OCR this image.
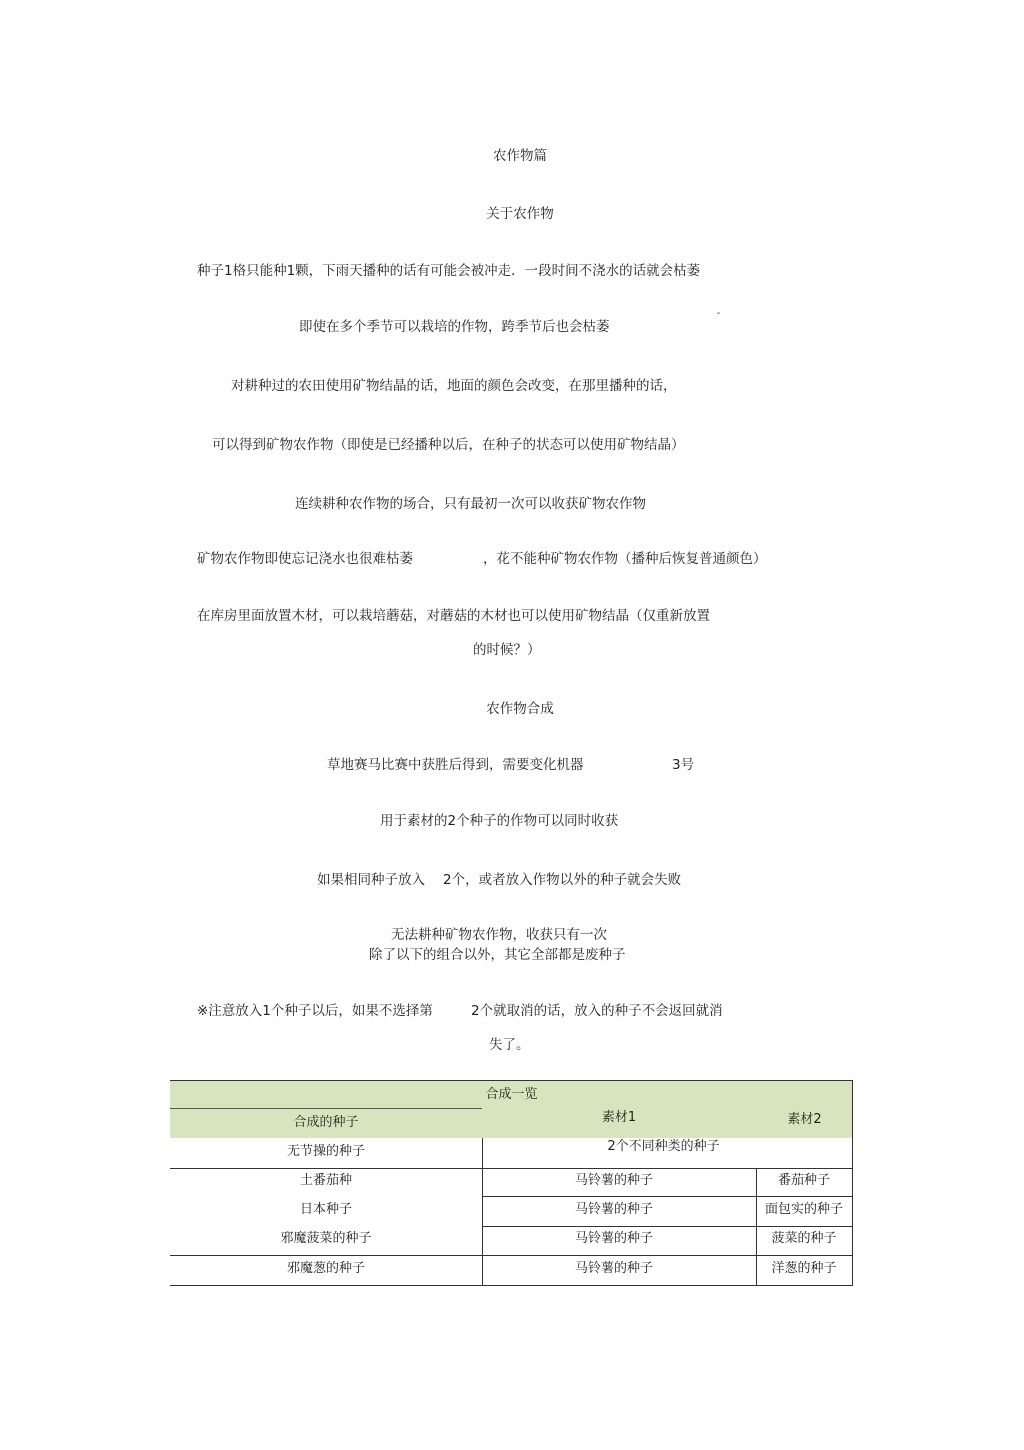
农作物篇
关于农作物
种子1格只能种1颗，下雨天播种的话有可能会被冲走．一段时间不浇水的话就会枯萎
即使在多个季节可以栽培的作物，跨季节后也会枯萎
ˆ
对耕种过的农田使用矿物结晶的话，地面的颜色会改变，在那里播种的话，
可以得到矿物农作物（即使是已经播种以后，在种子的状态可以使用矿物结晶）
连续耕种农作物的场合，只有最初一次可以收获矿物农作物
矿物农作物即使忘记浇水也很难枯萎	，花不能种矿物农作物（播种后恢复普通颜色）
在库房里面放置木材，可以栽培蘑菇，对蘑菇的木材也可以使用矿物结晶（仅重新放置
的时候？）
农作物合成
草地赛马比赛中获胜后得到，需要变化机器	3号
用于素材的2个种子的作物可以同时收获
如果相同种子放入 2个，或者放入作物以外的种子就会失败
无法耕种矿物农作物，收获只有一次
除了以下的组合以外，其它全部都是废种子
※注意放入1个种子以后，如果不选择第	2个就取消的话，放入的种子不会返回就消
失了。
合成一览
合成的种子	素材1	素材2
无节操的种子	2个不同种类的种子
土番茄种	马铃薯的种子	番茄种子
日本种子	马铃薯的种子	面包实的种子
邪魔菠菜的种子	马铃薯的种子	菠菜的种子
邪魔葱的种子	马铃薯的种子	洋葱的种子
